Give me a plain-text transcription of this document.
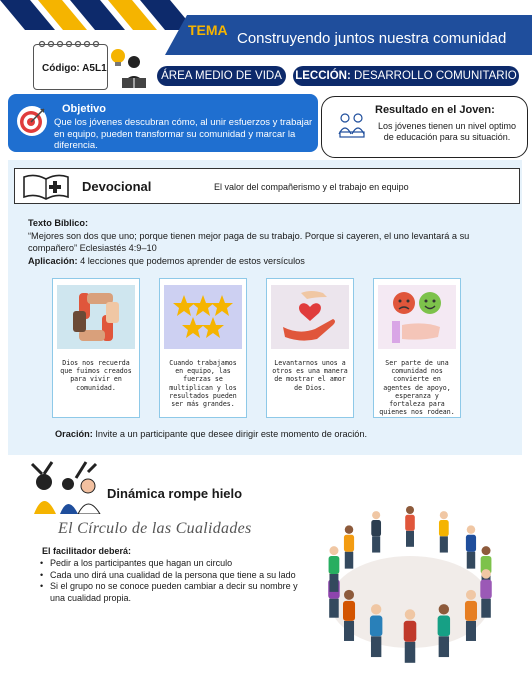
TEMA Construyendo juntos nuestra comunidad
Código: A5L1
ÁREA MEDIO DE VIDA	LECCIÓN: DESARROLLO COMUNITARIO
Objetivo
Que los jóvenes descubran cómo, al unir esfuerzos y trabajar en equipo, pueden transformar su comunidad y marcar la diferencia.
Resultado en el Joven:
Los jóvenes tienen un nivel optimo de educación para su situación.
Devocional	El valor del compañerismo y el trabajo en equipo
Texto Bíblico:
“Mejores son dos que uno; porque tienen mejor paga de su trabajo. Porque si cayeren, el uno levantará a su compañero” Eclesiastés 4:9–10
Aplicación: 4 lecciones que podemos aprender de estos versículos
Dios nos recuerda que fuimos creados para vivir en comunidad.
Cuando trabajamos en equipo, las fuerzas se multiplican y los resultados pueden ser más grandes.
Levantarnos unos a otros es una manera de mostrar el amor de Dios.
Ser parte de una comunidad nos convierte en agentes de apoyo, esperanza y fortaleza para quienes nos rodean.
Oración: Invite a un participante que desee dirigir este momento de oración.
Dinámica rompe hielo
El Círculo de las Cualidades
El facilitador deberá:
• Pedir a los participantes que hagan un circulo
• Cada uno dirá una cualidad de la persona que tiene a su lado
• Si el grupo no se conoce pueden cambiar a decir su nombre y una cualidad propia.
